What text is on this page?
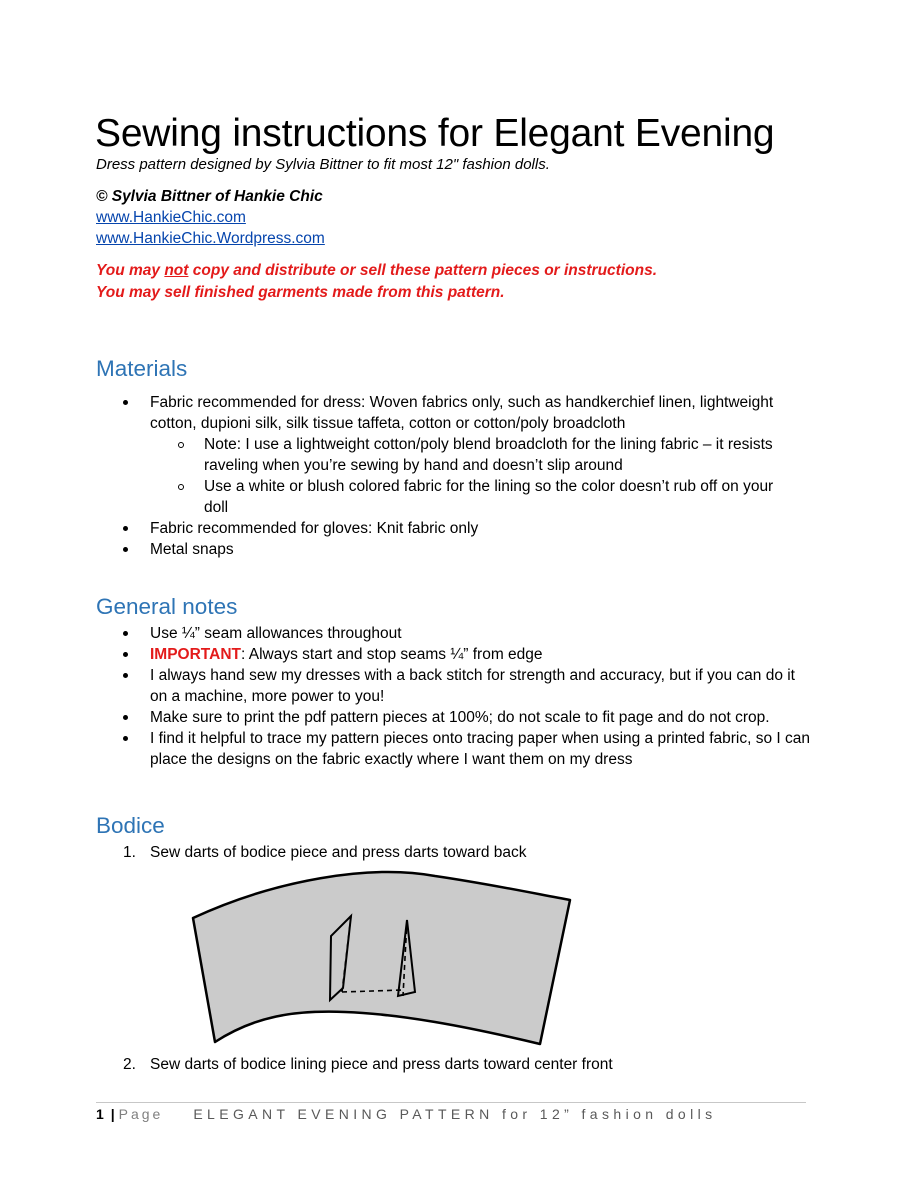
Sewing instructions for Elegant Evening
Dress pattern designed by Sylvia Bittner to fit most 12" fashion dolls.
© Sylvia Bittner of Hankie Chic
www.HankieChic.com
www.HankieChic.Wordpress.com
You may not copy and distribute or sell these pattern pieces or instructions.
You may sell finished garments made from this pattern.
Materials
Fabric recommended for dress: Woven fabrics only, such as handkerchief linen, lightweight cotton, dupioni silk, silk tissue taffeta, cotton or cotton/poly broadcloth
Note: I use a lightweight cotton/poly blend broadcloth for the lining fabric – it resists raveling when you’re sewing by hand and doesn’t slip around
Use a white or blush colored fabric for the lining so the color doesn’t rub off on your doll
Fabric recommended for gloves: Knit fabric only
Metal snaps
General notes
Use ¼” seam allowances throughout
IMPORTANT: Always start and stop seams ¼” from edge
I always hand sew my dresses with a back stitch for strength and accuracy, but if you can do it on a machine, more power to you!
Make sure to print the pdf pattern pieces at 100%; do not scale to fit page and do not crop.
I find it helpful to trace my pattern pieces onto tracing paper when using a printed fabric, so I can place the designs on the fabric exactly where I want them on my dress
Bodice
1. Sew darts of bodice piece and press darts toward back
2. Sew darts of bodice lining piece and press darts toward center front
1 | Page ELEGANT EVENING PATTERN for 12” fashion dolls
